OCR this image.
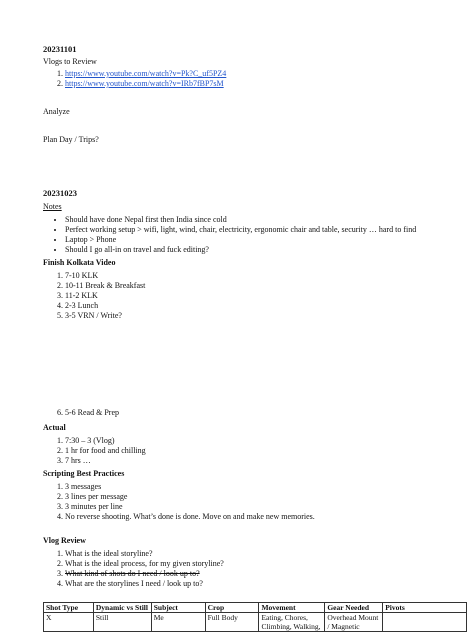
20231101
Vlogs to Review
1. https://www.youtube.com/watch?v=Pk?C_uf5PZ4
2. https://www.youtube.com/watch?v=IRb7fBP7sM
Analyze
Plan Day / Trips?
20231023
Notes
• Should have done Nepal first then India since cold
• Perfect working setup > wifi, light, wind, chair, electricity, ergonomic chair and table, security … hard to find
• Laptop > Phone
• Should I go all-in on travel and fuck editing?
Finish Kolkata Video
1. 7-10 KLK
2. 10-11 Break & Breakfast
3. 11-2 KLK
4. 2-3 Lunch
5. 3-5 VRN / Write?
6. 5-6 Read & Prep
Actual
1. 7:30 – 3 (Vlog)
2. 1 hr for food and chilling
3. 7 hrs …
Scripting Best Practices
1. 3 messages
2. 3 lines per message
3. 3 minutes per line
4. No reverse shooting. What’s done is done. Move on and make new memories.
Vlog Review
1. What is the ideal storyline?
2. What is the ideal process, for my given storyline?
3. What kind of shots do I need / look up to?
4. What are the storylines I need / look up to?
Shot Type	Dynamic vs Still	Subject	Crop	Movement	Gear Needed	Pivots
X	Still	Me	Full Body	Eating, Chores, Climbing, Walking,	Overhead Mount / Magnetic	
